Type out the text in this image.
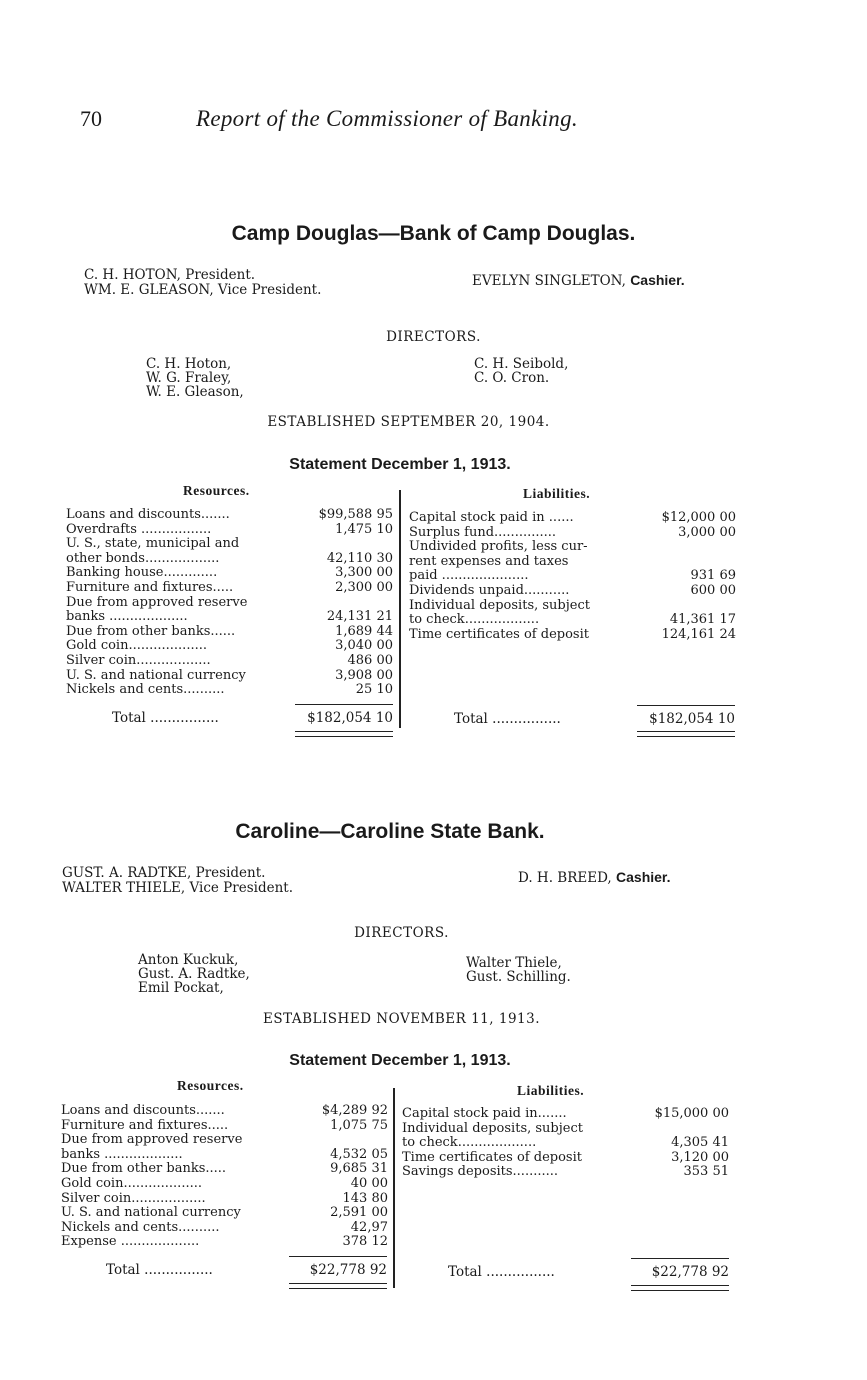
70	Report of the Commissioner of Banking.
Camp Douglas—Bank of Camp Douglas.
C. H. HOTON, President.
WM. E. GLEASON, Vice President.
EVELYN SINGLETON, Cashier.
DIRECTORS.
C. H. Hoton,
W. G. Fraley,
W. E. Gleason,
C. H. Seibold,
C. O. Cron.
ESTABLISHED SEPTEMBER 20, 1904.
Statement December 1, 1913.
Resources.	Liabilities.
Loans and discounts.......	$99,588 95
Overdrafts .................	1,475 10
U. S., state, municipal and
other bonds..................	42,110 30
Banking house.............	3,300 00
Furniture and fixtures.....	2,300 00
Due from approved reserve
banks ...................	24,131 21
Due from other banks......	1,689 44
Gold coin...................	3,040 00
Silver coin..................	486 00
U. S. and national currency	3,908 00
Nickels and cents..........	25 10
Capital stock paid in ......	$12,000 00
Surplus fund...............	3,000 00
Undivided profits, less cur-
rent expenses and taxes
paid .....................	931 69
Dividends unpaid...........	600 00
Individual deposits, subject
to check..................	41,361 17
Time certificates of deposit	124,161 24
Total ................	$182,054 10	Total ................	$182,054 10
Caroline—Caroline State Bank.
GUST. A. RADTKE, President.
WALTER THIELE, Vice President.
D. H. BREED, Cashier.
DIRECTORS.
Anton Kuckuk,
Gust. A. Radtke,
Emil Pockat,
Walter Thiele,
Gust. Schilling.
ESTABLISHED NOVEMBER 11, 1913.
Statement December 1, 1913.
Resources.	Liabilities.
Loans and discounts.......	$4,289 92
Furniture and fixtures.....	1,075 75
Due from approved reserve
banks ...................	4,532 05
Due from other banks.....	9,685 31
Gold coin...................	40 00
Silver coin..................	143 80
U. S. and national currency	2,591 00
Nickels and cents..........	42,97
Expense ...................	378 12
Capital stock paid in.......	$15,000 00
Individual deposits, subject
to check...................	4,305 41
Time certificates of deposit	3,120 00
Savings deposits...........	353 51
Total ................	$22,778 92	Total ................	$22,778 92
